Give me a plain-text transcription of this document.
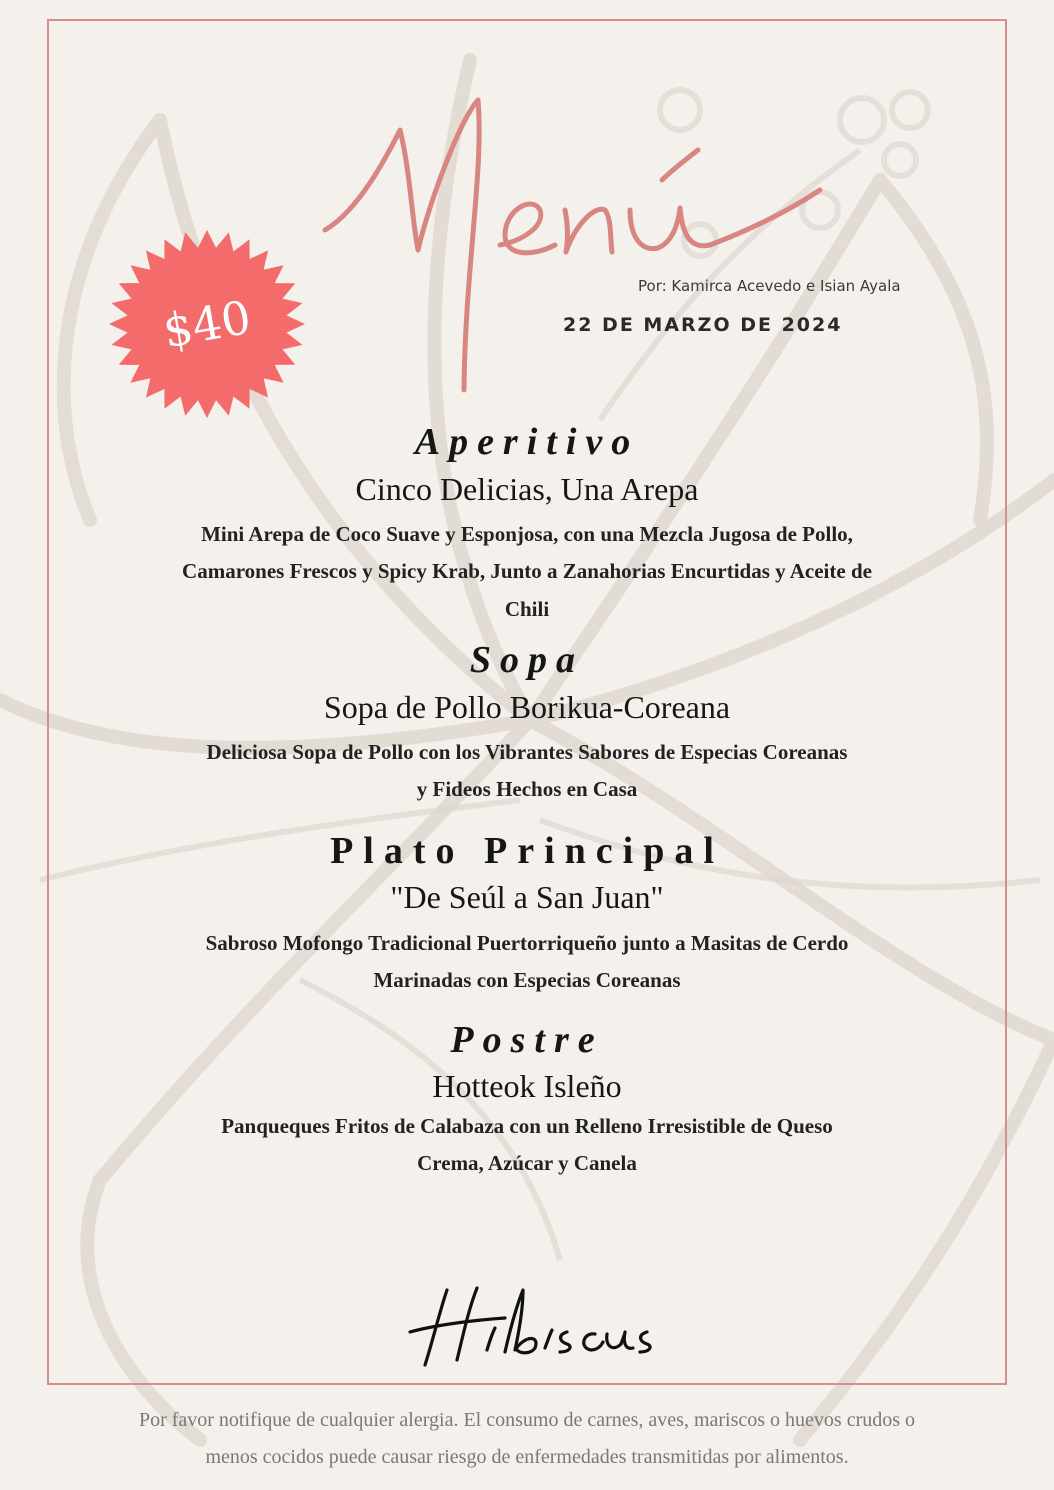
Por: Kamirca Acevedo e Isian Ayala
22 DE MARZO DE 2024
$40
Aperitivo
Cinco Delicias, Una Arepa
Mini Arepa de Coco Suave y Esponjosa, con una Mezcla Jugosa de Pollo,
Camarones Frescos y Spicy Krab, Junto a Zanahorias Encurtidas y Aceite de
Chili
Sopa
Sopa de Pollo Borikua-Coreana
Deliciosa Sopa de Pollo con los Vibrantes Sabores de Especias Coreanas
y Fideos Hechos en Casa
Plato Principal
"De Seúl a San Juan"
Sabroso Mofongo Tradicional Puertorriqueño junto a Masitas de Cerdo
Marinadas con Especias Coreanas
Postre
Hotteok Isleño
Panqueques Fritos de Calabaza con un Relleno Irresistible de Queso
Crema, Azúcar y Canela
Por favor notifique de cualquier alergia. El consumo de carnes, aves, mariscos o huevos crudos o
menos cocidos puede causar riesgo de enfermedades transmitidas por alimentos.
